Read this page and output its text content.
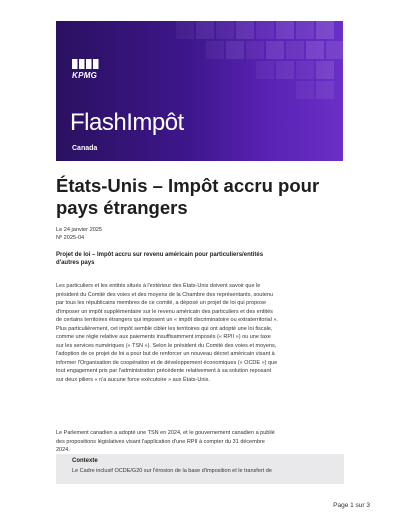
KPMG
FlashImpôt
Canada
États-Unis – Impôt accru pour
pays étrangers
Le 24 janvier 2025
Nº 2025-04
Projet de loi – Impôt accru sur revenu américain pour particuliers/entités
d'autres pays
Les particuliers et les entités situés à l'extérieur des États-Unis doivent savoir que le
président du Comité des voies et des moyens de la Chambre des représentants, soutenu
par tous les républicains membres de ce comité, a déposé un projet de loi qui propose
d'imposer un impôt supplémentaire sur le revenu américain des particuliers et des entités
de certains territoires étrangers qui imposent un « impôt discriminatoire ou extraterritorial ».
Plus particulièrement, cet impôt semble cibler les territoires qui ont adopté une loi fiscale,
comme une règle relative aux paiements insuffisamment imposés (« RPII ») ou une taxe
sur les services numériques (« TSN »). Selon le président du Comité des voies et moyens,
l'adoption de ce projet de loi a pour but de renforcer un nouveau décret américain visant à
informer l'Organisation de coopération et de développement économiques (« OCDE ») que
tout engagement pris par l'administration précédente relativement à sa solution reposant
sur deux piliers « n'a aucune force exécutoire » aux États-Unis.
Le Parlement canadien a adopté une TSN en 2024, et le gouvernement canadien a publié
des propositions législatives visant l'application d'une RPII à compter du 31 décembre
2024.
Contexte
Le Cadre inclusif OCDE/G20 sur l'érosion de la base d'imposition et le transfert de
Page 1 sur 3
